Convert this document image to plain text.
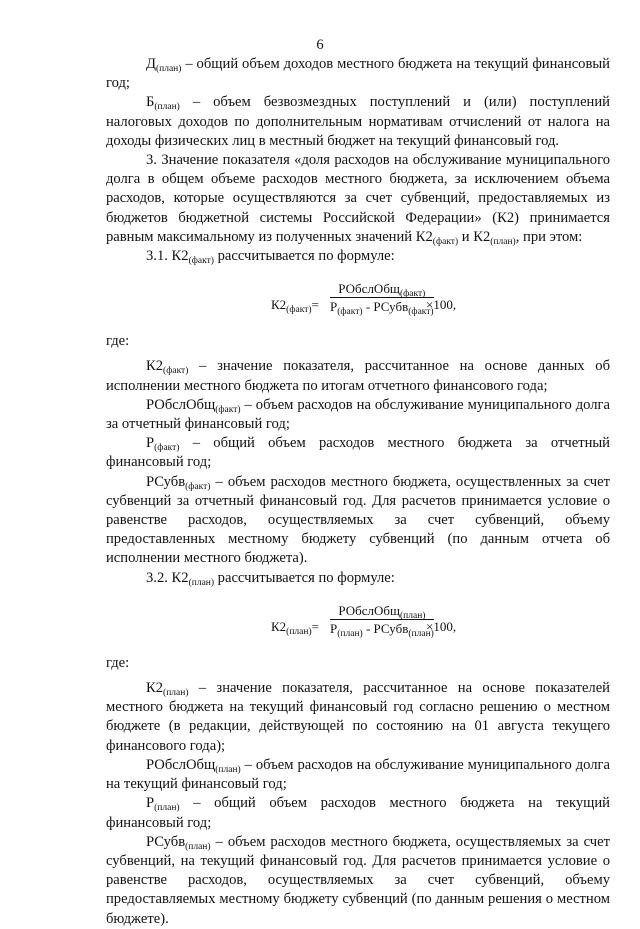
6

$Д_{(план)}$ – общий объем доходов местного бюджета на текущий финансовый год;

$Б_{(план)}$ – объем безвозмездных поступлений и (или) поступлений налоговых доходов по дополнительным нормативам отчислений от налога на доходы физических лиц в местный бюджет на текущий финансовый год.

3. Значение показателя «доля расходов на обслуживание муниципального долга в общем объеме расходов местного бюджета, за исключением объема расходов, которые осуществляются за счет субвенций, предоставляемых из бюджетов бюджетной системы Российской Федерации» (К2) принимается равным максимальному из полученных значений $К2_{(факт)}$ и $К2_{(план)}$, при этом:

3.1. $К2_{(факт)}$ рассчитывается по формуле:

$К2_{(факт)}=$
РОбслОбщ$_{(факт)}$
$Р_{(факт)}$ - РСубв$_{(факт)}$
×100,

где:

$К2_{(факт)}$ – значение показателя, рассчитанное на основе данных об исполнении местного бюджета по итогам отчетного финансового года;

РОбслОбщ$_{(факт)}$ – объем расходов на обслуживание муниципального долга за отчетный финансовый год;

$Р_{(факт)}$ – общий объем расходов местного бюджета за отчетный финансовый год;

РСубв$_{(факт)}$ – объем расходов местного бюджета, осуществленных за счет субвенций за отчетный финансовый год. Для расчетов принимается условие о равенстве расходов, осуществляемых за счет субвенций, объему предоставленных местному бюджету субвенций (по данным отчета об исполнении местного бюджета).

3.2. $К2_{(план)}$ рассчитывается по формуле:

$К2_{(план)}=$
РОбслОбщ$_{(план)}$
$Р_{(план)}$ - РСубв$_{(план)}$
×100,

где:

$К2_{(план)}$ – значение показателя, рассчитанное на основе показателей местного бюджета на текущий финансовый год согласно решению о местном бюджете (в редакции, действующей по состоянию на 01 августа текущего финансового года);

РОбслОбщ$_{(план)}$ – объем расходов на обслуживание муниципального долга на текущий финансовый год;

$Р_{(план)}$ – общий объем расходов местного бюджета на текущий финансовый год;

РСубв$_{(план)}$ – объем расходов местного бюджета, осуществляемых за счет субвенций, на текущий финансовый год. Для расчетов принимается условие о равенстве расходов, осуществляемых за счет субвенций, объему предоставляемых местному бюджету субвенций (по данным решения о местном бюджете).
